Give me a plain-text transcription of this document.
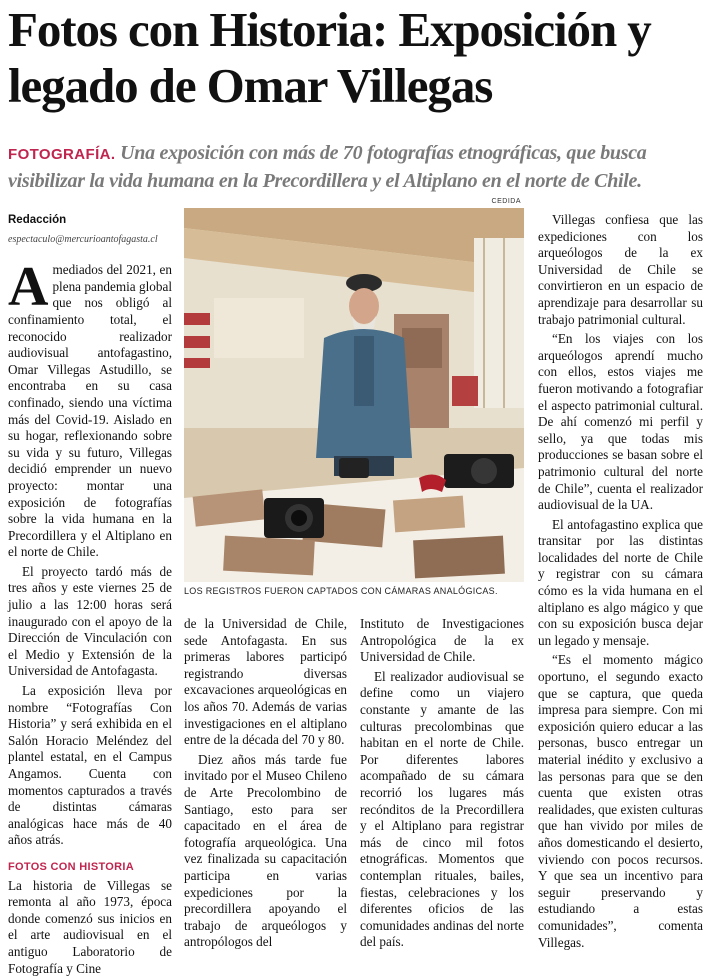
Fotos con Historia: Exposición y legado de Omar Villegas
FOTOGRAFÍA. Una exposición con más de 70 fotografías etnográficas, que busca visibilizar la vida humana en la Precordillera y el Altiplano en el norte de Chile.
CEDIDA
Redacción
espectaculo@mercurioantofagasta.cl

Amediados del 2021, en plena pandemia global que nos obligó al confinamiento total, el reconocido realizador audiovisual antofagastino, Omar Villegas Astudillo, se encontraba en su casa confinado, siendo una víctima más del Covid-19. Aislado en su hogar, reflexionando sobre su vida y su futuro, Villegas decidió emprender un nuevo proyecto: montar una exposición de fotografías sobre la vida humana en la Precordillera y el Altiplano en el norte de Chile.

El proyecto tardó más de tres años y este viernes 25 de julio a las 12:00 horas será inaugurado con el apoyo de la Dirección de Vinculación con el Medio y Extensión de la Universidad de Antofagasta.

La exposición lleva por nombre “Fotografías Con Historia” y será exhibida en el Salón Horacio Meléndez del plantel estatal, en el Campus Angamos. Cuenta con momentos capturados a través de distintas cámaras analógicas hace más de 40 años atrás.

FOTOS CON HISTORIA

La historia de Villegas se remonta al año 1973, época donde comenzó sus inicios en el arte audiovisual en el antiguo Laboratorio de Fotografía y Cine

LOS REGISTROS FUERON CAPTADOS CON CÁMARAS ANALÓGICAS.

de la Universidad de Chile, sede Antofagasta. En sus primeras labores participó registrando diversas excavaciones arqueológicas en los años 70. Además de varias investigaciones en el altiplano entre de la década del 70 y 80.

Diez años más tarde fue invitado por el Museo Chileno de Arte Precolombino de Santiago, esto para ser capacitado en el área de fotografía arqueológica. Una vez finalizada su capacitación participa en varias expediciones por la precordillera apoyando el trabajo de arqueólogos y antropólogos del

Instituto de Investigaciones Antropológica de la ex Universidad de Chile.

El realizador audiovisual se define como un viajero constante y amante de las culturas precolombinas que habitan en el norte de Chile. Por diferentes labores acompañado de su cámara recorrió los lugares más recónditos de la Precordillera y el Altiplano para registrar más de cinco mil fotos etnográficas. Momentos que contemplan rituales, bailes, fiestas, celebraciones y los diferentes oficios de las comunidades andinas del norte del país.

Villegas confiesa que las expediciones con los arqueólogos de la ex Universidad de Chile se convirtieron en un espacio de aprendizaje para desarrollar su trabajo patrimonial cultural.

“En los viajes con los arqueólogos aprendí mucho con ellos, estos viajes me fueron motivando a fotografiar el aspecto patrimonial cultural. De ahí comenzó mi perfil y sello, ya que todas mis producciones se basan sobre el patrimonio cultural del norte de Chile”, cuenta el realizador audiovisual de la UA.

El antofagastino explica que transitar por las distintas localidades del norte de Chile y registrar con su cámara cómo es la vida humana en el altiplano es algo mágico y que con su exposición busca dejar un legado y mensaje.

“Es el momento mágico oportuno, el segundo exacto que se captura, que queda impresa para siempre. Con mi exposición quiero educar a las personas, busco entregar un material inédito y exclusivo a las personas para que se den cuenta que existen otras realidades, que existen culturas que han vivido por miles de años domesticando el desierto, viviendo con pocos recursos. Y que sea un incentivo para seguir preservando y estudiando a estas comunidades”, comenta Villegas.
